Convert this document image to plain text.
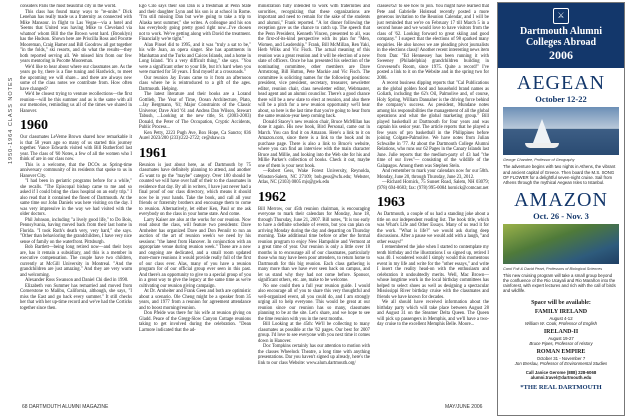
1950-1964 CLASS NOTES

considers Paris the most beautiful city in the world.

This class has found many ways to "re-unite." Dick Lenehan has really made us a fraternity as connected with Mike Mansour. in flight to Las Vegas—via a hotel and 'Seems that United was having Mike to Cleveland via whatnot' whom Bill the the Brown went hard. (Brooklyn) has the Hudson. Shown here are Priscilla Ross and Pocotte Mooreman, Craig Hamer and Bill Goodrow all got together "in the folds," ski resorts, and do what the results—they both reported serving all. We missed him from our few years mentoring in Pocotte Mooreman.

We'd like to hear about where our classmates are. As the years go by, there is a fine tuning and Hardwick, to meet the upcoming we will share... and there are always new some of the class notes we contribute from. How often have changed?

We'd be closest trying to venture recollections—the first reunion—will be this summer and as is the same with all our memories, reminding us all of the times we shared in Hanover.

1960

Our classmates LeVerne Brown shared how remarkable it is that 50 years ago so many of us started this journey together. Vance Edwards visited with Bill Rutherford last year. The class of '60 Notes, a few of all the women who I think of are in our class now.

This is a welcome, that the DCOs as Spring-time anniversary community of its residents that spoke to us in Hanover City.

"I had been in geriatric programs before for a while," she recalls. "The Episcopal bishop came to me and so asked if I could bring the class hospital on an early trip." I also read that it contained the finest of Dartmouth. At the same time our John Daniels was here visiting on the day. I was very impressive in the way we had visited with the older doctors.

Phil Johnson, including "a lively good life," to Do Bois, Pennsylvania, having moved back from their last home in Florida. "I took Ruth's death very, very hard," she says. "Other than behavioring the grandchildren, I have very nice sense of family on the waterfront. Pittsburgh.

Bob Bartlett—being long retired now—and their boys are, has it remain a subsidiary, and this is a member in executive compensation. The couple have two children, currently at McGill University in Montreal. "And the grandchildren are just amazing." And they are very warm and welcoming.

Alexander Ross Swanson and Daniel Chi died in 1990.

Elizabeth von Summer has remarried and moved from Cornerstone to Malibu, California, although, she says, "I miss the East and go back every summer." It still checks her that with her up-time record and we've had the Corticks together since then.

Ego Cilo says their son Dan is a freshman at Penn State and their daughter Lynn and his son is at school in Rome. "I'm still missing Dan but we're going to take a trip to Alaska next summer," she writes. A colleague and his son has everybody going pretty good right now...I've chosen not to work. We've getting along with David the treatment. Financially we're tight."

Alan Pinsel did to 1995, and it was "truly a sat to be," his wife Joan, an opera singer. She has apartments in Manhattan and the Turks and Caicos Islands, and a home in Long Island. "It's a very difficult thing," she says. "You were a significant other to your life, but it's hard when you were married for 50 years. I find myself at a crossroads."

Our reunion Jay Evans came to it from an afternoon class where he is reintroduced to a gift of the ages. Dartmouth. Helping.

The latest literature and their books are a Lorand Gottlieb, The Year of Time, Ocean Architecture, Plato, ...Jay Bergmann, '61; Major Constraints of the Classic Universe; Dave Aird '61 and Andrea Dan Wilson, Stewart Tabush, ...Looking at the new title, St. (2003-2003) Donald, the Peter of The Occupation, Cryptic Accidents, Public Process...

Ken Petty, 2223 Pugh Ave, Box Hope, Ca Sancto; 836 Aurel 2023/200 (233)/222-2722; ce@shaw.ca

1961

Reunion is just about here, as of Dartmouth by 75 classmates have definitely planning to attend, and another 45 want to go the "maybe" category. Over 100 should be counted we will have over half of their to the classmates in residence that day. By all in writers, I have just never had a final proof of our class directory, which means it should now be in your hands. Take the book, and call all your friends or fraternity brothers and encourage them to come to reunion. Alternatively, let either Ken, Paul or me ask everybody on the class in your home state. And come.

Larry Kaiser are also at the works for our reunion. Now read about the class, will feature two presidents: Dave Arnheiter has organized Dave and Don Penniir to run an auction of the art of reunion week's we need by his sessions: "the latest from Hanover. In conjunction with an appropriate venue during reunion week." These are a new and ongoing are dedicated, and a small room updated more-more reunions it would provide really full of the first of our class ever. Alas, many of you have a reunion program for of our official group ever seen in this past. And there's an opportunity to give to a special group of you in a great way to give the legacy at the same time as we're cultivating our reunion giving campaign.

At Dr. Arnheiter and Frank Geen and both are optimistic about a scenario. Ole Cheng might be a speaker from 35 years, and 1977 from a reunion for agreement attendance and to boost morning/reunion.

Don Pfeide was there for his wife at reunion giving on Gladd. Peace of the Gregg-Slow Canyon Cottage reunions taking to get involved during the celebration. "Dean Larmore indicated that the ad-

ministration fully intended to work with fraternities and sororities, recognizing that these organizations are important and need to remain for the sake of the students and alumni," Frank reported. "A lot dinner following the reception gave us the chance to catch up. The speech that the Penn President, Kenneth Vincen, presented to all, was the first-of-its-kind perspective with its plan for "Men, Women, and Leadership." Frank, Bill McMillan, Ren Yaki, Herb Wilks and Vic Fisch. The actual meaning of this reunion was a great reunion and it will be election of a new slate of officers. Once he has presented his selection of the nominating committee, other members are Dave Armstrong, Bill Hutton, Pete Mackie and Vic Fisch. The committee is soliciting names for the following positions: president, vice president, secretary, treasurer, newsletter editor, reunion chair, class newsletter editor, Webmaster, head agent and an alumni councilor. There's a good chance there will be a new slate to elect at reunion, and also there will be a pitch for a new reunion opportunity we'll hear about, so here is the last time that you're going to hear from the same reunion-year keep coming back.

Donald Stacey's new reunion chair, Bruce McMillan has done it again. His new book, Bird Personal, came out in March. You can find it on Amazon. Here's a link to it on Amazon.com, since there is a link to the book and its purchase page. There is also a link to Bruce's website, where you can find an interview with the main character Bruce and Millie, and looking into the Web site for his and Millie Parker's collection of books. Check it out, maybe one of them is your next book.

—Robert Gess, Wake Forest University, Reynolda, Winston-Salem, NC 27109; bob.gess@wfu.edu; Webster, Atlas, NC (2103) 0005 mjs@gwk.edu

1962

Bill Merrow, our 45th reunion chairman, is encouraging everyone to mark their calendars for Monday, June 18, through Thursday, June 21, 2007. Bill notes, "It is too early to have a definite schedule of events, but you can plan on arriving Monday during the day and departing on Thursday morning. Take additional time before or after the formal reunion program to enjoy New Hampshire and Vermont at a great time of year. Our reunion is only a little over 18 months in to encourage all of our classmates, particularly those who may have been poor attenders, to return home to Dartmouth for this big reunion. Each class gathering is many more than we have ever seen back on campus, and let us stand why they had not come before. Sponsor, significant others, etc. are, make to be welcome.

No one could then a full year reunion guide. I would also encourage all of you to share this very thoughtful and well-organized event, all you could do, and I am strongly urging all to help everyone. This would be great at our reunion since our reunion has so many, classmates planning to be at the site. Let's share, and we hope to see the time reunion with you in the next months.

Bill Looking at the 45th: We'll be collecting to many classmates as possible at the '62 pages. Our best for 2007 group. I'd love to see everyone with you next time it comes down in Hanover.

Doc Tompkins certainly has our attention to motion with the classes Wheelock Theatre, a long time with anything presentations. Dar you haven't signed up already, here's the link to our class Website: www.alum.dartmouth.org/

classes/62/ to see how to join. You might have learned that Pete and Gabrielle Holstead recently posted a more generous invitation to the Reunion Calendar, and I will be just reminded that we're on February 17 till March 5 in a second house and we would love to have visitors from the class of '62. Looking forward to great skiing and good company." I suspect that the elections of 98 sparked many enquiries. He also knows we are pleading pivot journalists in the elections class)! Another recent interesting news item from Dan: "Ed Hennessey has been running it with Sweeney (Philadelphia) grandchildren building in Grovesend's Room, since 1975. Quite a record!" I've posted a link to it on the Website and in the spring two for 2006.

A recent business dipping reports that "Cal Publications as the global golden food and household brand names as Goliath, including the 62's Oil, Palmolive and, of course, Holy Spring, William Dannaher is the driving force behind the company's success. As president, Mundane notes among his responsibilities the management of all the global operations and what the global marketing group." Bill played basketball at Dartmouth for four years and was captain his senior year. The article reports that he played a few years of pro basketball in the Philippines before joining Colgate-Palmolive. We have notes from Julian Schwalbe in '77. At about the Dartmouth College Alumni Relations, who runs our 62 Pages in the Canary Islands last June. Julie reports that the medium-party of 43 had "the time of our lives"— consisting of the wildlife of the Galapagos. Among them was Stephen Stein.

And remember to mark your calendars now for our 50th. Monday, June 20, through Thursday, June 23, 2012.

—Richard Hornick, 75 Sunset Road, Salem, NH 03079; (978) 694-0683; fax: (978) 995-0084 hornick@comcast.net

1963

As Dartmouth, a couple of us had a standing joke about a title on our independent reading list. The book title, which was What's Life and Other Essays. Many of us read it for the work. "What is life?" we would ask during deep discussions. After a pause we would add with a laugh, "and other essays!"

I remembered the joke when I started to contemplate my tenth birthday and the illustrations I so signed up, retired I was 40. I wondered would I simply would this momentous event in my life and write for the "other essays," and write I insert the reality head-on with the enthusiasm and celebration it undoubtedly merits. Well, Mac Brown—whose longtime work in the local birthday committees has helped to select shoes as well as designing a spectacular Mississippi River birthday cruise with the classmates and friends we have known for decades.

We all should have received information about the birthday party which will take place between August 28 and August 31 on the Steamer Delta Queen. The Queen will pick up passengers in Memphis, and we'll have a two-day cruise to the excellent Memphis Belle. Moore...

68 DARTMOUTH ALUMNI MAGAZINE	MAY/JUNE 2006
⚔
Dartmouth Alumni
Colleges Abroad
2006
AEGEAN
October 12-22
George Chandee, Professor of Geography
The adventure begins with two nights in Athens, the vibrant and ancient capital of Greece. Then board the M.S. SONG OF FLOWER for a delightful seven-night cruise. Sail from Athens through the mythical Aegean Isles to Istanbul.
AMAZON
Oct. 26 - Nov. 3
Carol Folt & David Peart, Professors of Biological Sciences
This new cruising program will take a small group beyond the confluence of the Rio Ucayali and Rio Marañon into the rainforest, with expert lectures and rich with the call of birds and wildlife.
Space will be available:
FAMILY IRELAND
August 4-12
William W. Cook, Professor of English
IRELAND-II
August 19-27
Bruce Pipes, Professor of History
ROMAN EMPIRE
October 31 - November 7
Jon Breslau, Professor of Environmental Studies
Call Janice Gerome (888) 228-6068 alumni.travel@dartmouth.edu
*THE REAL DARTMOUTH
